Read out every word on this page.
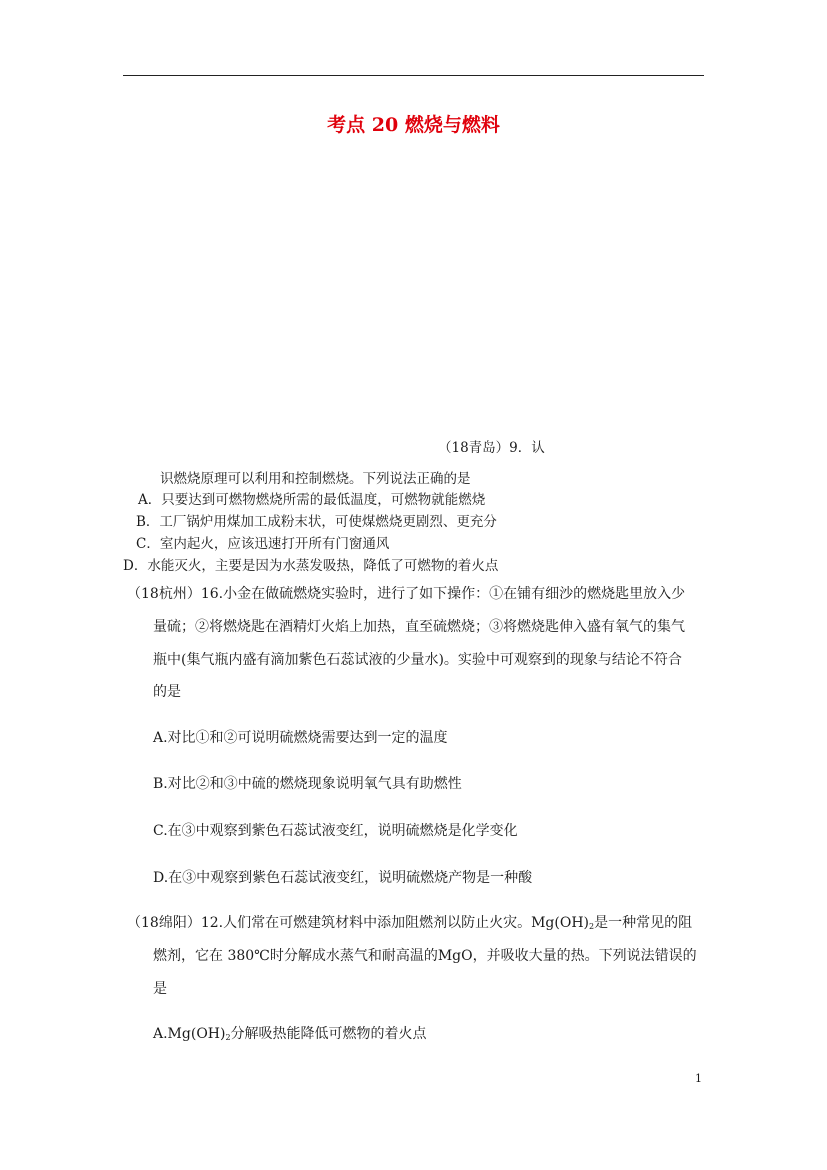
考点 20 燃烧与燃料
（18青岛）9．认
识燃烧原理可以利用和控制燃烧。下列说法正确的是
A．只要达到可燃物燃烧所需的最低温度，可燃物就能燃烧
B．工厂锅炉用煤加工成粉末状，可使煤燃烧更剧烈、更充分
C．室内起火，应该迅速打开所有门窗通风
D．水能灭火，主要是因为水蒸发吸热，降低了可燃物的着火点
（18杭州）16.小金在做硫燃烧实验时，进行了如下操作：①在铺有细沙的燃烧匙里放入少
量硫；②将燃烧匙在酒精灯火焰上加热，直至硫燃烧；③将燃烧匙伸入盛有氧气的集气
瓶中(集气瓶内盛有滴加紫色石蕊试液的少量水)。实验中可观察到的现象与结论不符合
的是
A.对比①和②可说明硫燃烧需要达到一定的温度
B.对比②和③中硫的燃烧现象说明氧气具有助燃性
C.在③中观察到紫色石蕊试液变红，说明硫燃烧是化学变化
D.在③中观察到紫色石蕊试液变红，说明硫燃烧产物是一种酸
（18绵阳）12.人们常在可燃建筑材料中添加阻燃剂以防止火灾。$Mg(OH)_2$是一种常见的阻
燃剂，它在 380℃时分解成水蒸气和耐高温的MgO，并吸收大量的热。下列说法错误的
是
$A.Mg(OH)_2$分解吸热能降低可燃物的着火点
1
